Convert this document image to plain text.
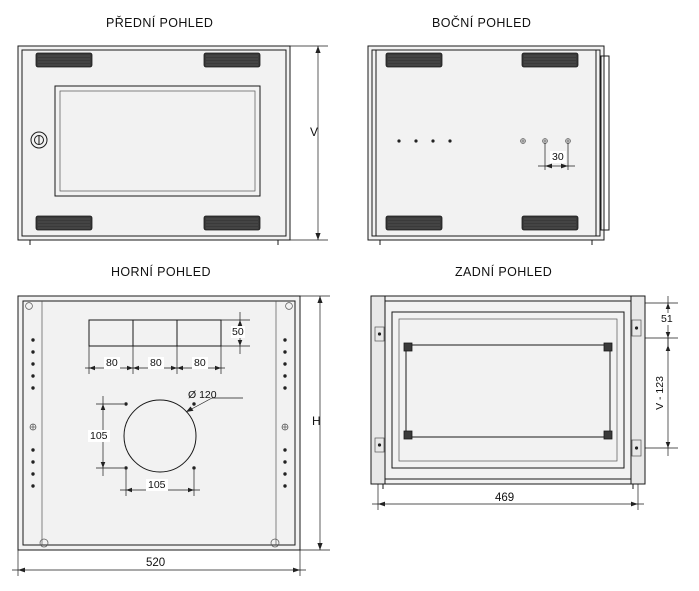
PŘEDNÍ POHLED	BOČNÍ POHLED
HORNÍ POHLED	ZADNÍ POHLED
V
30
50
80	80	80
Ø 120
105
105
H
520
51
V - 123
469
